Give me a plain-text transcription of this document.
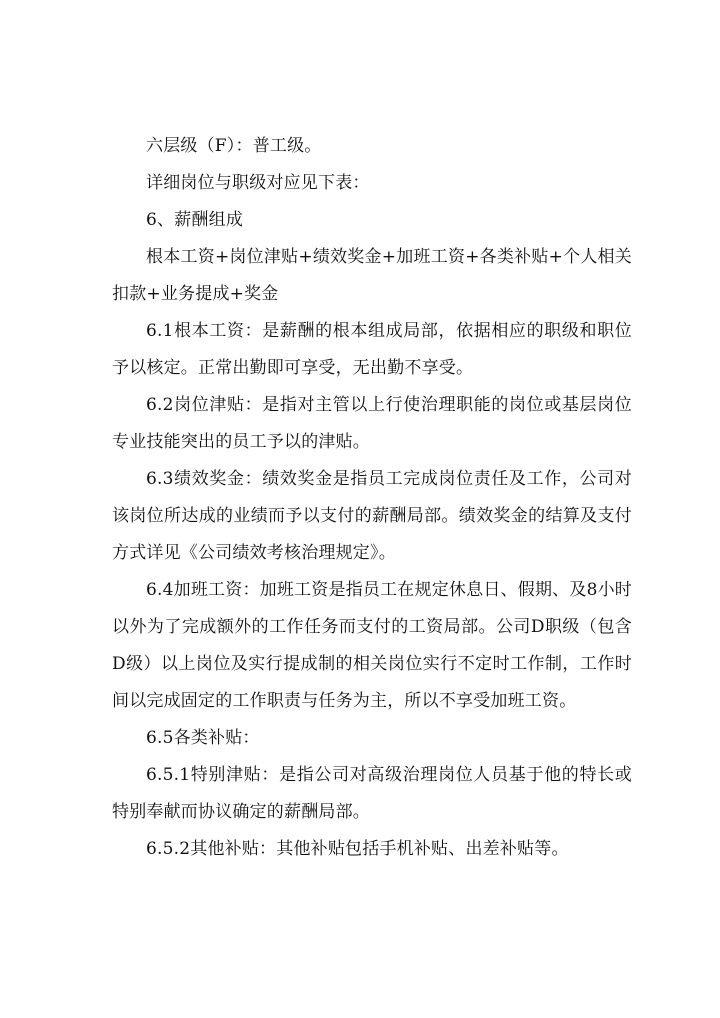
六层级（F）：普工级。

详细岗位与职级对应见下表：

6、薪酬组成

根本工资+岗位津贴+绩效奖金+加班工资+各类补贴+个人相关扣款+业务提成+奖金

6.1根本工资：是薪酬的根本组成局部，依据相应的职级和职位予以核定。正常出勤即可享受，无出勤不享受。

6.2岗位津贴：是指对主管以上行使治理职能的岗位或基层岗位专业技能突出的员工予以的津贴。

6.3绩效奖金：绩效奖金是指员工完成岗位责任及工作，公司对该岗位所达成的业绩而予以支付的薪酬局部。绩效奖金的结算及支付方式详见《公司绩效考核治理规定》。

6.4加班工资：加班工资是指员工在规定休息日、假期、及8小时以外为了完成额外的工作任务而支付的工资局部。公司D职级（包含D级）以上岗位及实行提成制的相关岗位实行不定时工作制，工作时间以完成固定的工作职责与任务为主，所以不享受加班工资。

6.5各类补贴：

6.5.1特别津贴：是指公司对高级治理岗位人员基于他的特长或特别奉献而协议确定的薪酬局部。

6.5.2其他补贴：其他补贴包括手机补贴、出差补贴等。
